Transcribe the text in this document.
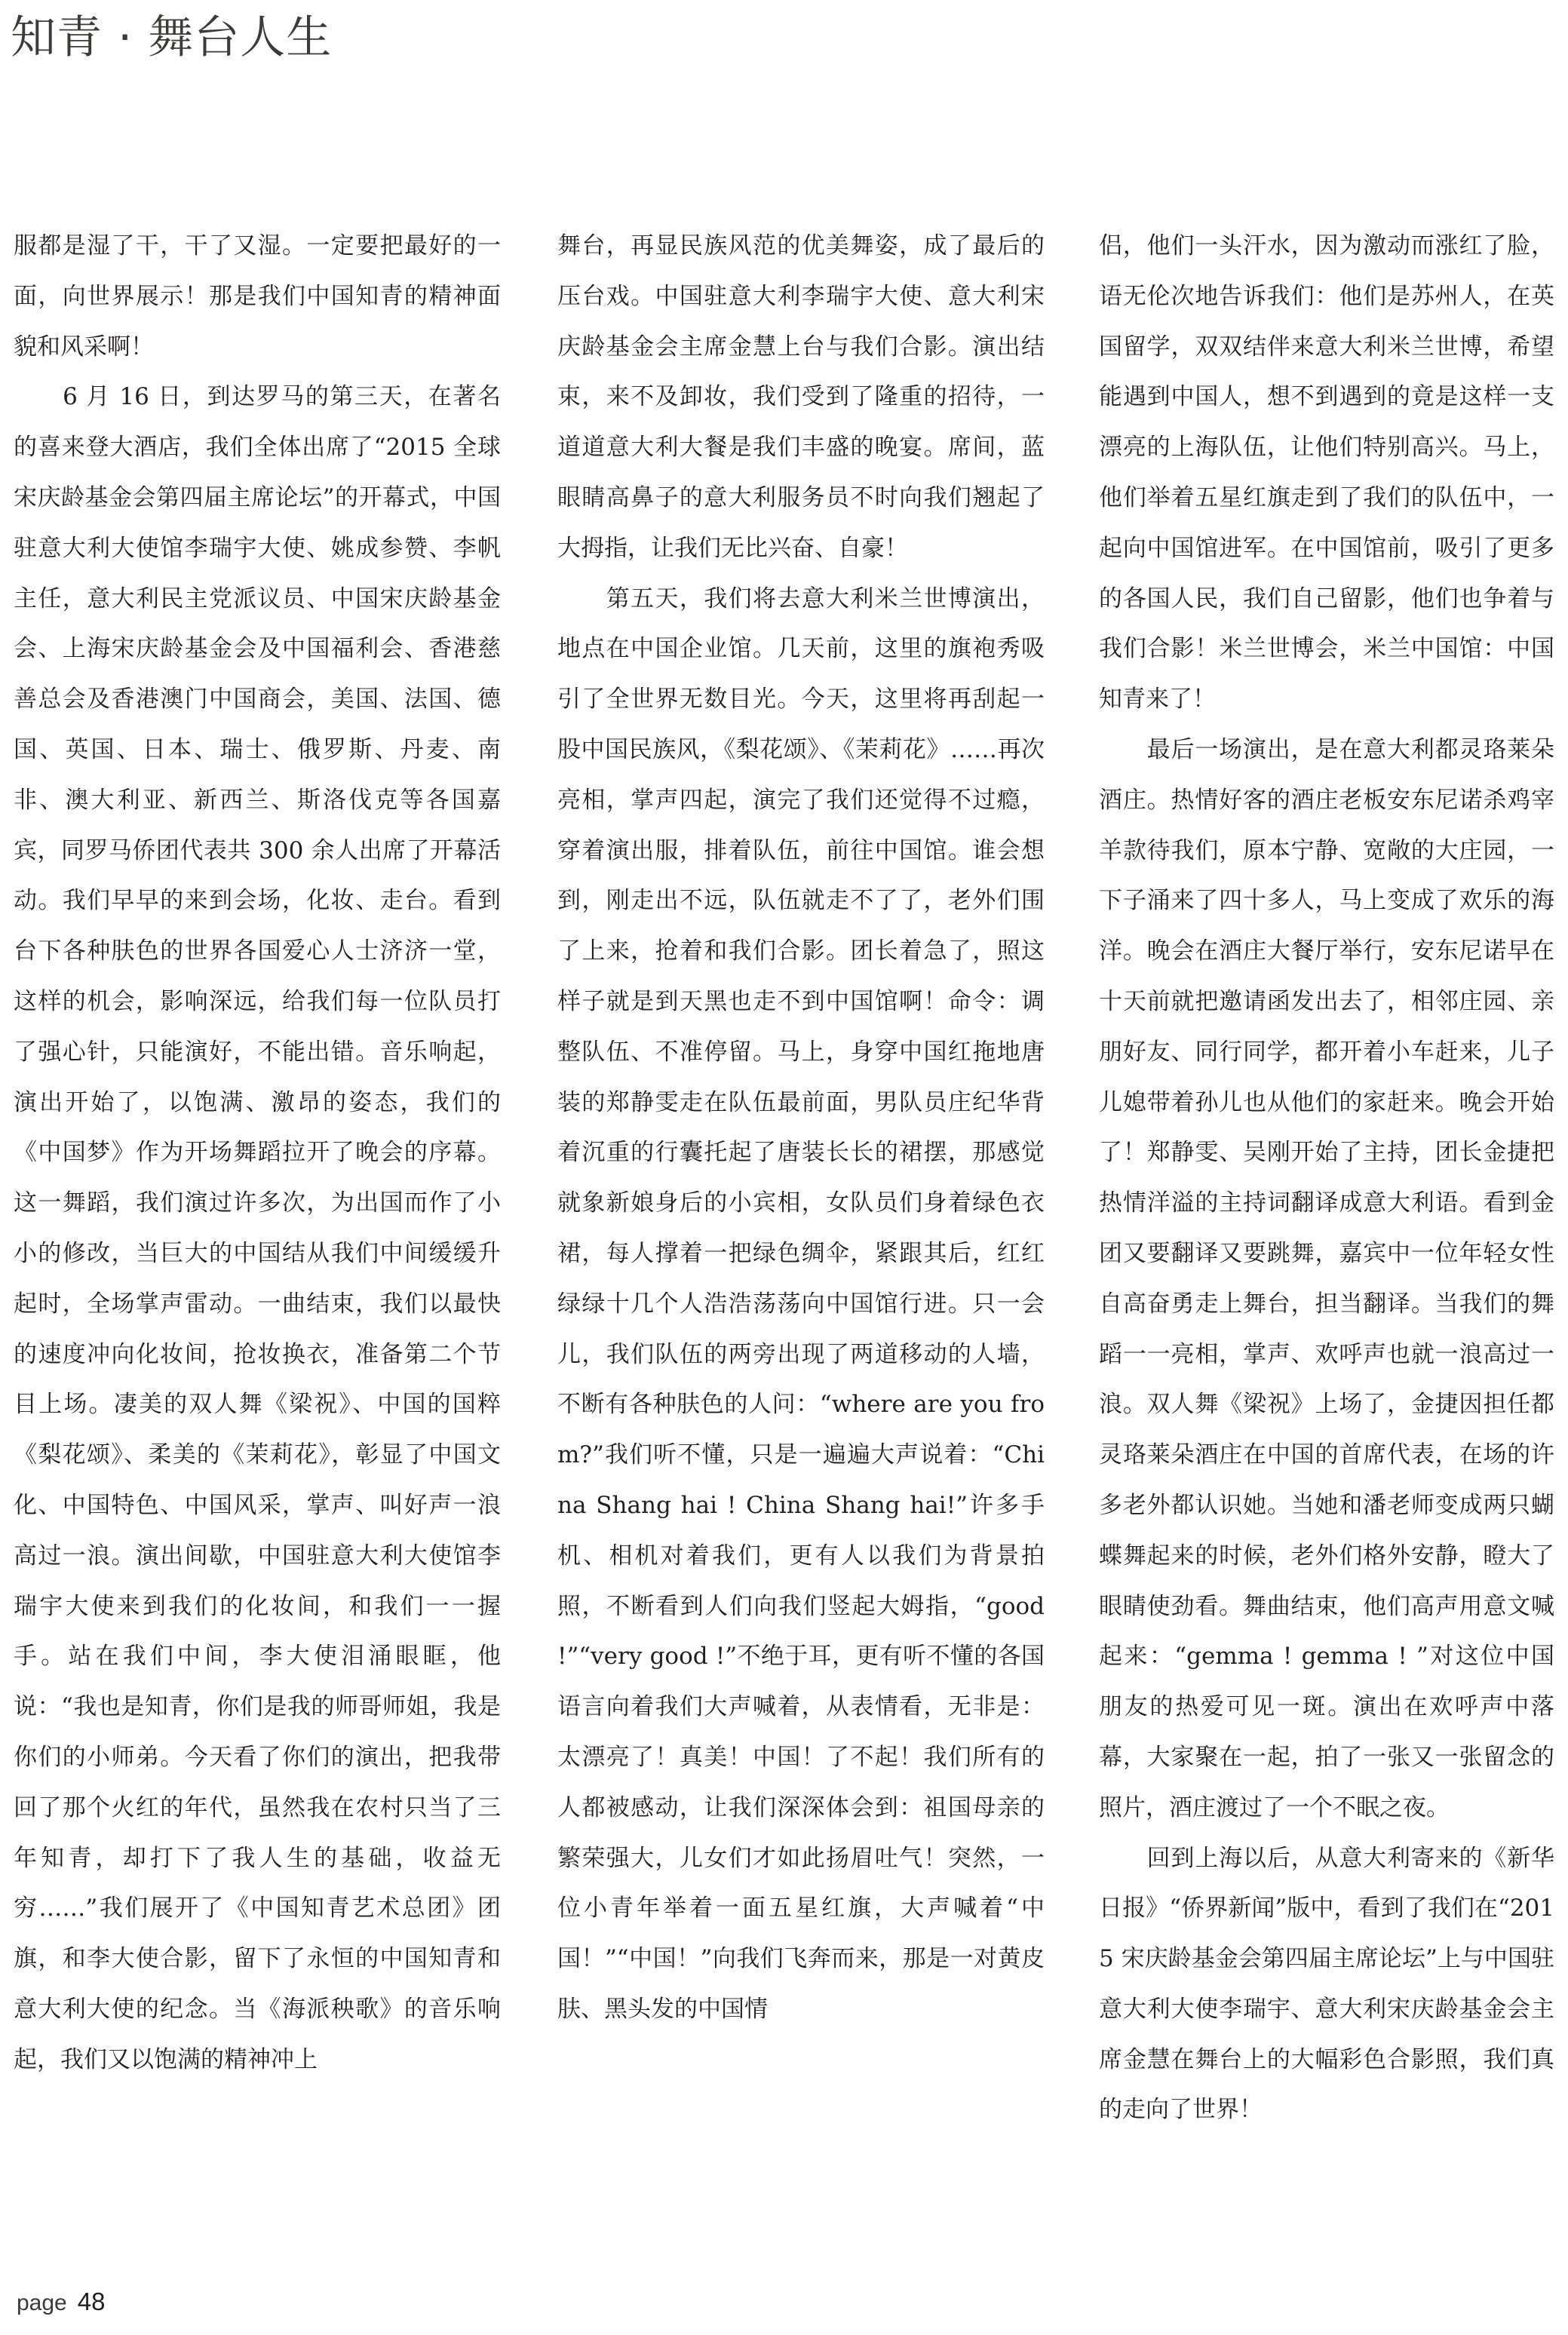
知青 · 舞台人生

服都是湿了干，干了又湿。一定要把最好的一面，向世界展示！那是我们中国知青的精神面貌和风采啊！

　　6 月 16 日，到达罗马的第三天，在著名的喜来登大酒店，我们全体出席了“2015 全球宋庆龄基金会第四届主席论坛”的开幕式，中国驻意大利大使馆李瑞宇大使、姚成参赞、李帆主任，意大利民主党派议员、中国宋庆龄基金会、上海宋庆龄基金会及中国福利会、香港慈善总会及香港澳门中国商会，美国、法国、德国、英国、日本、瑞士、俄罗斯、丹麦、南非、澳大利亚、新西兰、斯洛伐克等各国嘉宾，同罗马侨团代表共 300 余人出席了开幕活动。我们早早的来到会场，化妆、走台。看到台下各种肤色的世界各国爱心人士济济一堂，这样的机会，影响深远，给我们每一位队员打了强心针，只能演好，不能出错。音乐响起，演出开始了，以饱满、激昂的姿态，我们的《中国梦》作为开场舞蹈拉开了晚会的序幕。这一舞蹈，我们演过许多次，为出国而作了小小的修改，当巨大的中国结从我们中间缓缓升起时，全场掌声雷动。一曲结束，我们以最快的速度冲向化妆间，抢妆换衣，准备第二个节目上场。凄美的双人舞《梁祝》、中国的国粹《梨花颂》、柔美的《茉莉花》，彰显了中国文化、中国特色、中国风采，掌声、叫好声一浪高过一浪。演出间歇，中国驻意大利大使馆李瑞宇大使来到我们的化妆间，和我们一一握手。站在我们中间，李大使泪涌眼眶，他说：“我也是知青，你们是我的师哥师姐，我是你们的小师弟。今天看了你们的演出，把我带回了那个火红的年代，虽然我在农村只当了三年知青，却打下了我人生的基础，收益无穷……”我们展开了《中国知青艺术总团》团旗，和李大使合影，留下了永恒的中国知青和意大利大使的纪念。当《海派秧歌》的音乐响起，我们又以饱满的精神冲上

舞台，再显民族风范的优美舞姿，成了最后的压台戏。中国驻意大利李瑞宇大使、意大利宋庆龄基金会主席金慧上台与我们合影。演出结束，来不及卸妆，我们受到了隆重的招待，一道道意大利大餐是我们丰盛的晚宴。席间，蓝眼睛高鼻子的意大利服务员不时向我们翘起了大拇指，让我们无比兴奋、自豪！

　　第五天，我们将去意大利米兰世博演出，地点在中国企业馆。几天前，这里的旗袍秀吸引了全世界无数目光。今天，这里将再刮起一股中国民族风，《梨花颂》、《茉莉花》……再次亮相，掌声四起，演完了我们还觉得不过瘾，穿着演出服，排着队伍，前往中国馆。谁会想到，刚走出不远，队伍就走不了了，老外们围了上来，抢着和我们合影。团长着急了，照这样子就是到天黑也走不到中国馆啊！命令：调整队伍、不准停留。马上，身穿中国红拖地唐装的郑静雯走在队伍最前面，男队员庄纪华背着沉重的行囊托起了唐装长长的裙摆，那感觉就象新娘身后的小宾相，女队员们身着绿色衣裙，每人撑着一把绿色绸伞，紧跟其后，红红绿绿十几个人浩浩荡荡向中国馆行进。只一会儿，我们队伍的两旁出现了两道移动的人墙，不断有各种肤色的人问：“where are you from?”我们听不懂，只是一遍遍大声说着：“China Shang hai ! China Shang hai!”许多手机、相机对着我们，更有人以我们为背景拍照，不断看到人们向我们竖起大姆指，“good !”“very good !”不绝于耳，更有听不懂的各国语言向着我们大声喊着，从表情看，无非是：太漂亮了！真美！中国！了不起！我们所有的人都被感动，让我们深深体会到：祖国母亲的繁荣强大，儿女们才如此扬眉吐气！突然，一位小青年举着一面五星红旗，大声喊着“中国！”“中国！”向我们飞奔而来，那是一对黄皮肤、黑头发的中国情

侣，他们一头汗水，因为激动而涨红了脸，语无伦次地告诉我们：他们是苏州人，在英国留学，双双结伴来意大利米兰世博，希望能遇到中国人，想不到遇到的竟是这样一支漂亮的上海队伍，让他们特别高兴。马上，他们举着五星红旗走到了我们的队伍中，一起向中国馆进军。在中国馆前，吸引了更多的各国人民，我们自己留影，他们也争着与我们合影！米兰世博会，米兰中国馆：中国知青来了！

　　最后一场演出，是在意大利都灵珞莱朵酒庄。热情好客的酒庄老板安东尼诺杀鸡宰羊款待我们，原本宁静、宽敞的大庄园，一下子涌来了四十多人，马上变成了欢乐的海洋。晚会在酒庄大餐厅举行，安东尼诺早在十天前就把邀请函发出去了，相邻庄园、亲朋好友、同行同学，都开着小车赶来，儿子儿媳带着孙儿也从他们的家赶来。晚会开始了！郑静雯、吴刚开始了主持，团长金捷把热情洋溢的主持词翻译成意大利语。看到金团又要翻译又要跳舞，嘉宾中一位年轻女性自高奋勇走上舞台，担当翻译。当我们的舞蹈一一亮相，掌声、欢呼声也就一浪高过一浪。双人舞《梁祝》上场了，金捷因担任都灵珞莱朵酒庄在中国的首席代表，在场的许多老外都认识她。当她和潘老师变成两只蝴蝶舞起来的时候，老外们格外安静，瞪大了眼睛使劲看。舞曲结束，他们高声用意文喊起来：“gemma ! gemma ! ”对这位中国朋友的热爱可见一斑。演出在欢呼声中落幕，大家聚在一起，拍了一张又一张留念的照片，酒庄渡过了一个不眠之夜。

　　回到上海以后，从意大利寄来的《新华日报》“侨界新闻”版中，看到了我们在“2015 宋庆龄基金会第四届主席论坛”上与中国驻意大利大使李瑞宇、意大利宋庆龄基金会主席金慧在舞台上的大幅彩色合影照，我们真的走向了世界！

page 48
